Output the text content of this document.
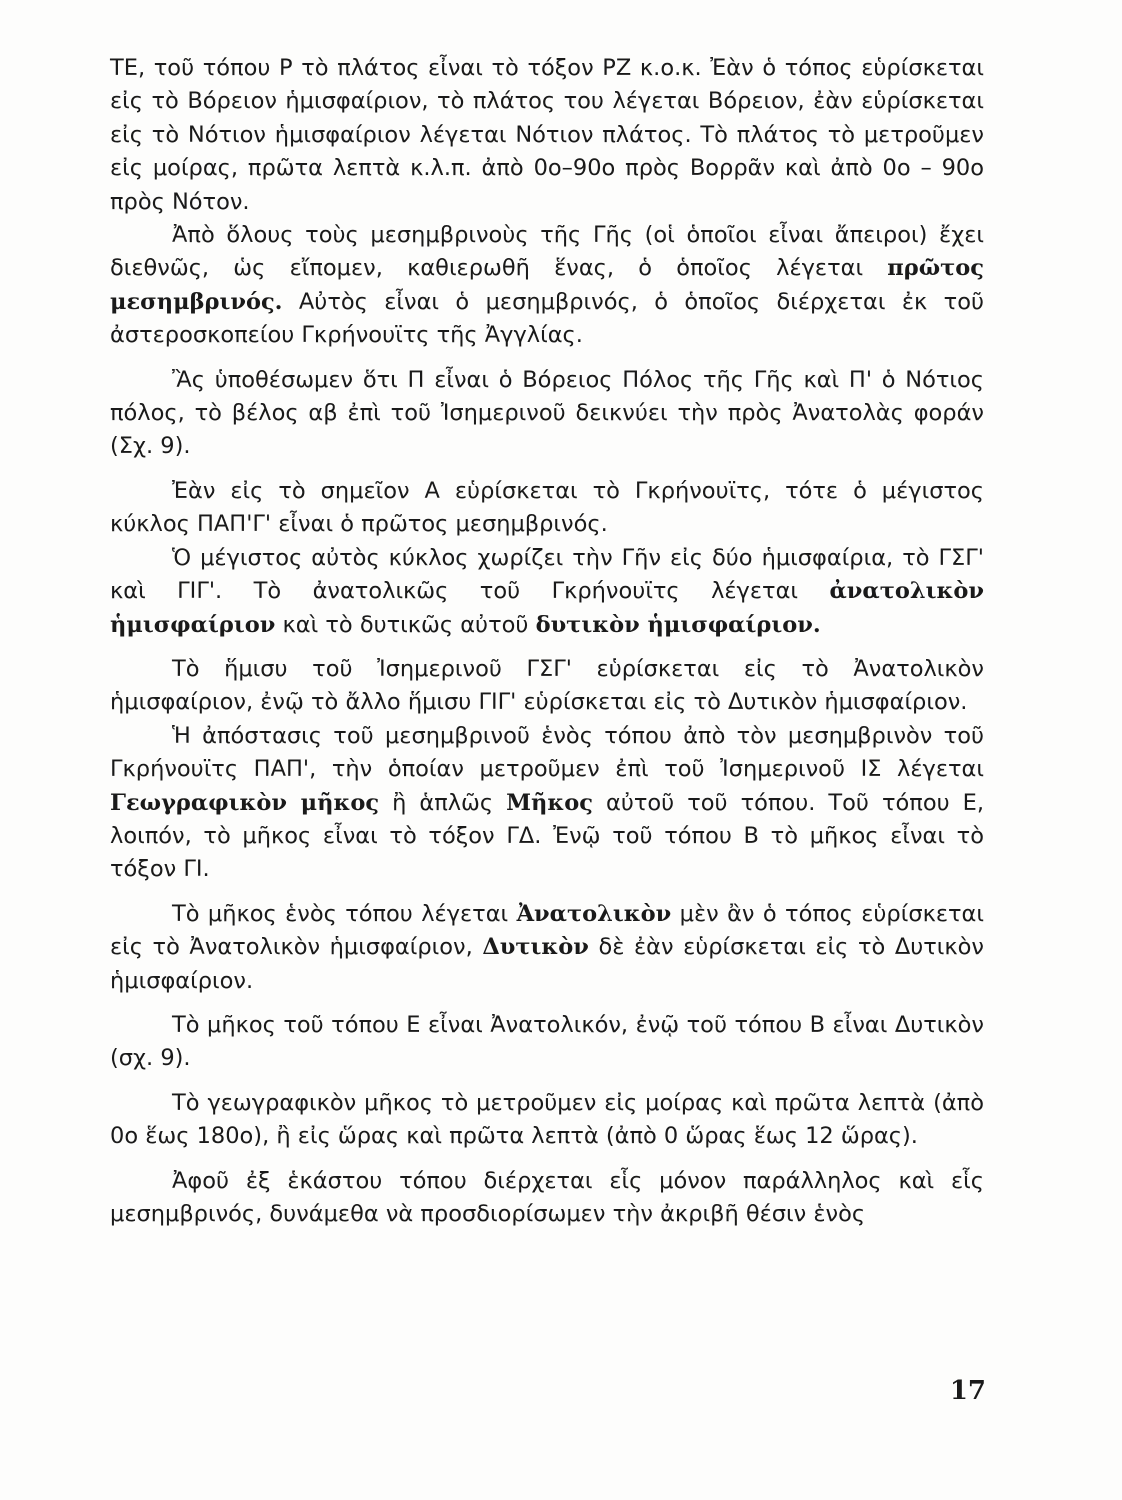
ΤΕ, τοῦ τόπου Ρ τὸ πλάτος εἶναι τὸ τόξον ΡΖ κ.ο.κ. Ἐὰν ὁ τόπος εὑρίσκεται εἰς τὸ Βόρειον ἡμισφαίριον, τὸ πλάτος του λέγεται Βόρειον, ἐὰν εὑρίσκεται εἰς τὸ Νότιον ἡμισφαίριον λέγεται Νότιον πλάτος. Τὸ πλάτος τὸ μετροῦμεν εἰς μοίρας, πρῶτα λεπτὰ κ.λ.π. ἀπὸ 0ο–90ο πρὸς Βορρᾶν καὶ ἀπὸ 0ο – 90ο πρὸς Νότον.

Ἀπὸ ὅλους τοὺς μεσημβρινοὺς τῆς Γῆς (οἱ ὁποῖοι εἶναι ἄπειροι) ἔχει διεθνῶς, ὡς εἴπομεν, καθιερωθῆ ἕνας, ὁ ὁποῖος λέγεται πρῶτος μεσημβρινός. Αὐτὸς εἶναι ὁ μεσημβρινός, ὁ ὁποῖος διέρχεται ἐκ τοῦ ἀστεροσκοπείου Γκρήνουϊτς τῆς Ἀγγλίας.

Ἂς ὑποθέσωμεν ὅτι Π εἶναι ὁ Βόρειος Πόλος τῆς Γῆς καὶ Π' ὁ Νότιος πόλος, τὸ βέλος αβ ἐπὶ τοῦ Ἰσημερινοῦ δεικνύει τὴν πρὸς Ἀνατολὰς φοράν (Σχ. 9).

Ἐὰν εἰς τὸ σημεῖον Α εὑρίσκεται τὸ Γκρήνουϊτς, τότε ὁ μέγιστος κύκλος ΠΑΠ'Γ' εἶναι ὁ πρῶτος μεσημβρινός.

Ὁ μέγιστος αὐτὸς κύκλος χωρίζει τὴν Γῆν εἰς δύο ἡμισφαίρια, τὸ ΓΣΓ' καὶ ΓΙΓ'. Τὸ ἀνατολικῶς τοῦ Γκρήνουϊτς λέγεται ἀνατολικὸν ἡμισφαίριον καὶ τὸ δυτικῶς αὐτοῦ δυτικὸν ἡμισφαίριον.

Τὸ ἥμισυ τοῦ Ἰσημερινοῦ ΓΣΓ' εὑρίσκεται εἰς τὸ Ἀνατολικὸν ἡμισφαίριον, ἐνῷ τὸ ἄλλο ἥμισυ ΓΙΓ' εὑρίσκεται εἰς τὸ Δυτικὸν ἡμισφαίριον.

Ἡ ἀπόστασις τοῦ μεσημβρινοῦ ἑνὸς τόπου ἀπὸ τὸν μεσημβρινὸν τοῦ Γκρήνουϊτς ΠΑΠ', τὴν ὁποίαν μετροῦμεν ἐπὶ τοῦ Ἰσημερινοῦ ΙΣ λέγεται Γεωγραφικὸν μῆκος ἢ ἁπλῶς Μῆκος αὐτοῦ τοῦ τόπου. Τοῦ τόπου Ε, λοιπόν, τὸ μῆκος εἶναι τὸ τόξον ΓΔ. Ἐνῷ τοῦ τόπου Β τὸ μῆκος εἶναι τὸ τόξον ΓΙ.

Τὸ μῆκος ἑνὸς τόπου λέγεται Ἀνατολικὸν μὲν ἂν ὁ τόπος εὑρίσκεται εἰς τὸ Ἀνατολικὸν ἡμισφαίριον, Δυτικὸν δὲ ἐὰν εὑρίσκεται εἰς τὸ Δυτικὸν ἡμισφαίριον.

Τὸ μῆκος τοῦ τόπου Ε εἶναι Ἀνατολικόν, ἐνῷ τοῦ τόπου Β εἶναι Δυτικὸν (σχ. 9).

Τὸ γεωγραφικὸν μῆκος τὸ μετροῦμεν εἰς μοίρας καὶ πρῶτα λεπτὰ (ἀπὸ 0ο ἕως 180ο), ἢ εἰς ὥρας καὶ πρῶτα λεπτὰ (ἀπὸ 0 ὥρας ἕως 12 ὥρας).

Ἀφοῦ ἐξ ἑκάστου τόπου διέρχεται εἷς μόνον παράλληλος καὶ εἷς μεσημβρινός, δυνάμεθα νὰ προσδιορίσωμεν τὴν ἀκριβῆ θέσιν ἑνὸς

17
